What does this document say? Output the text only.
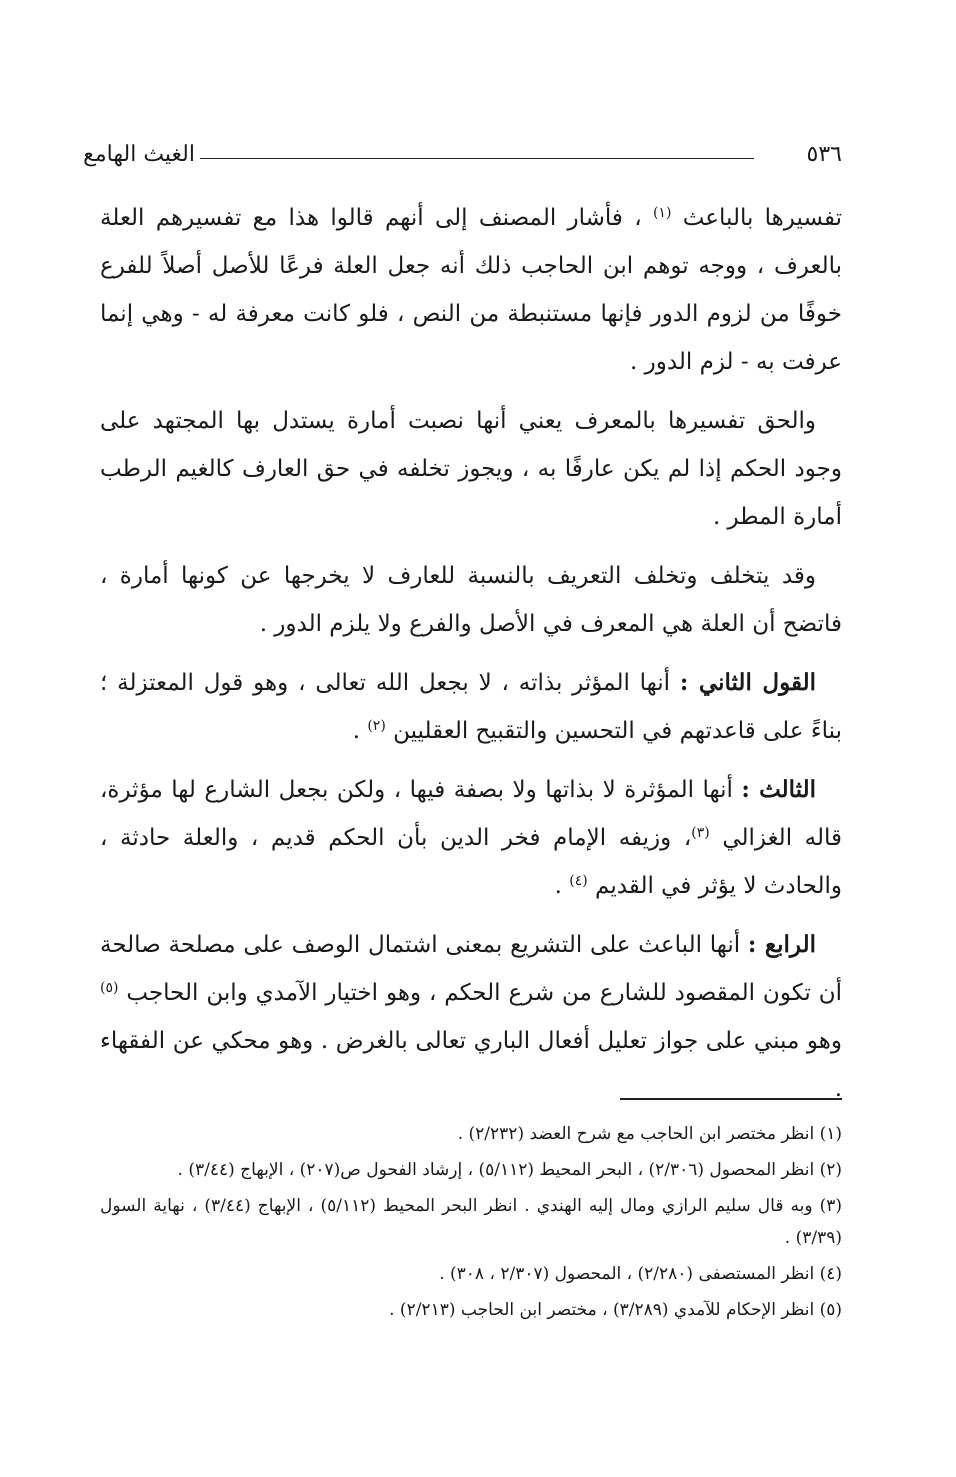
٥٣٦
الغيث الهامع

تفسيرها بالباعث $^{(١)}$ ، فأشار المصنف إلى أنهم قالوا هذا مع تفسيرهم العلة بالعرف ، ووجه توهم ابن الحاجب ذلك أنه جعل العلة فرعًا للأصل أصلاً للفرع خوفًا من لزوم الدور فإنها مستنبطة من النص ، فلو كانت معرفة له - وهي إنما عرفت به - لزم الدور .

والحق تفسيرها بالمعرف يعني أنها نصبت أمارة يستدل بها المجتهد على وجود الحكم إذا لم يكن عارفًا به ، ويجوز تخلفه في حق العارف كالغيم الرطب أمارة المطر .

وقد يتخلف وتخلف التعريف بالنسبة للعارف لا يخرجها عن كونها أمارة ، فاتضح أن العلة هي المعرف في الأصل والفرع ولا يلزم الدور .

القول الثاني : أنها المؤثر بذاته ، لا بجعل الله تعالى ، وهو قول المعتزلة ؛ بناءً على قاعدتهم في التحسين والتقبيح العقليين $^{(٢)}$ .

الثالث : أنها المؤثرة لا بذاتها ولا بصفة فيها ، ولكن بجعل الشارع لها مؤثرة، قاله الغزالي $^{(٣)}$، وزيفه الإمام فخر الدين بأن الحكم قديم ، والعلة حادثة ، والحادث لا يؤثر في القديم $^{(٤)}$ .

الرابع : أنها الباعث على التشريع بمعنى اشتمال الوصف على مصلحة صالحة أن تكون المقصود للشارع من شرع الحكم ، وهو اختيار الآمدي وابن الحاجب $^{(٥)}$ وهو مبني على جواز تعليل أفعال الباري تعالى بالغرض . وهو محكي عن الفقهاء .

(١) انظر مختصر ابن الحاجب مع شرح العضد (٢/٢٣٢) .

(٢) انظر المحصول (٢/٣٠٦) ، البحر المحيط (٥/١١٢) ، إرشاد الفحول ص(٢٠٧) ، الإبهاج (٣/٤٤) .

(٣) وبه قال سليم الرازي ومال إليه الهندي . انظر البحر المحيط (٥/١١٢) ، الإبهاج (٣/٤٤) ، نهاية السول (٣/٣٩) .

(٤) انظر المستصفى (٢/٢٨٠) ، المحصول (٢/٣٠٧ ، ٣٠٨) .

(٥) انظر الإحكام للآمدي (٣/٢٨٩) ، مختصر ابن الحاجب (٢/٢١٣) .
